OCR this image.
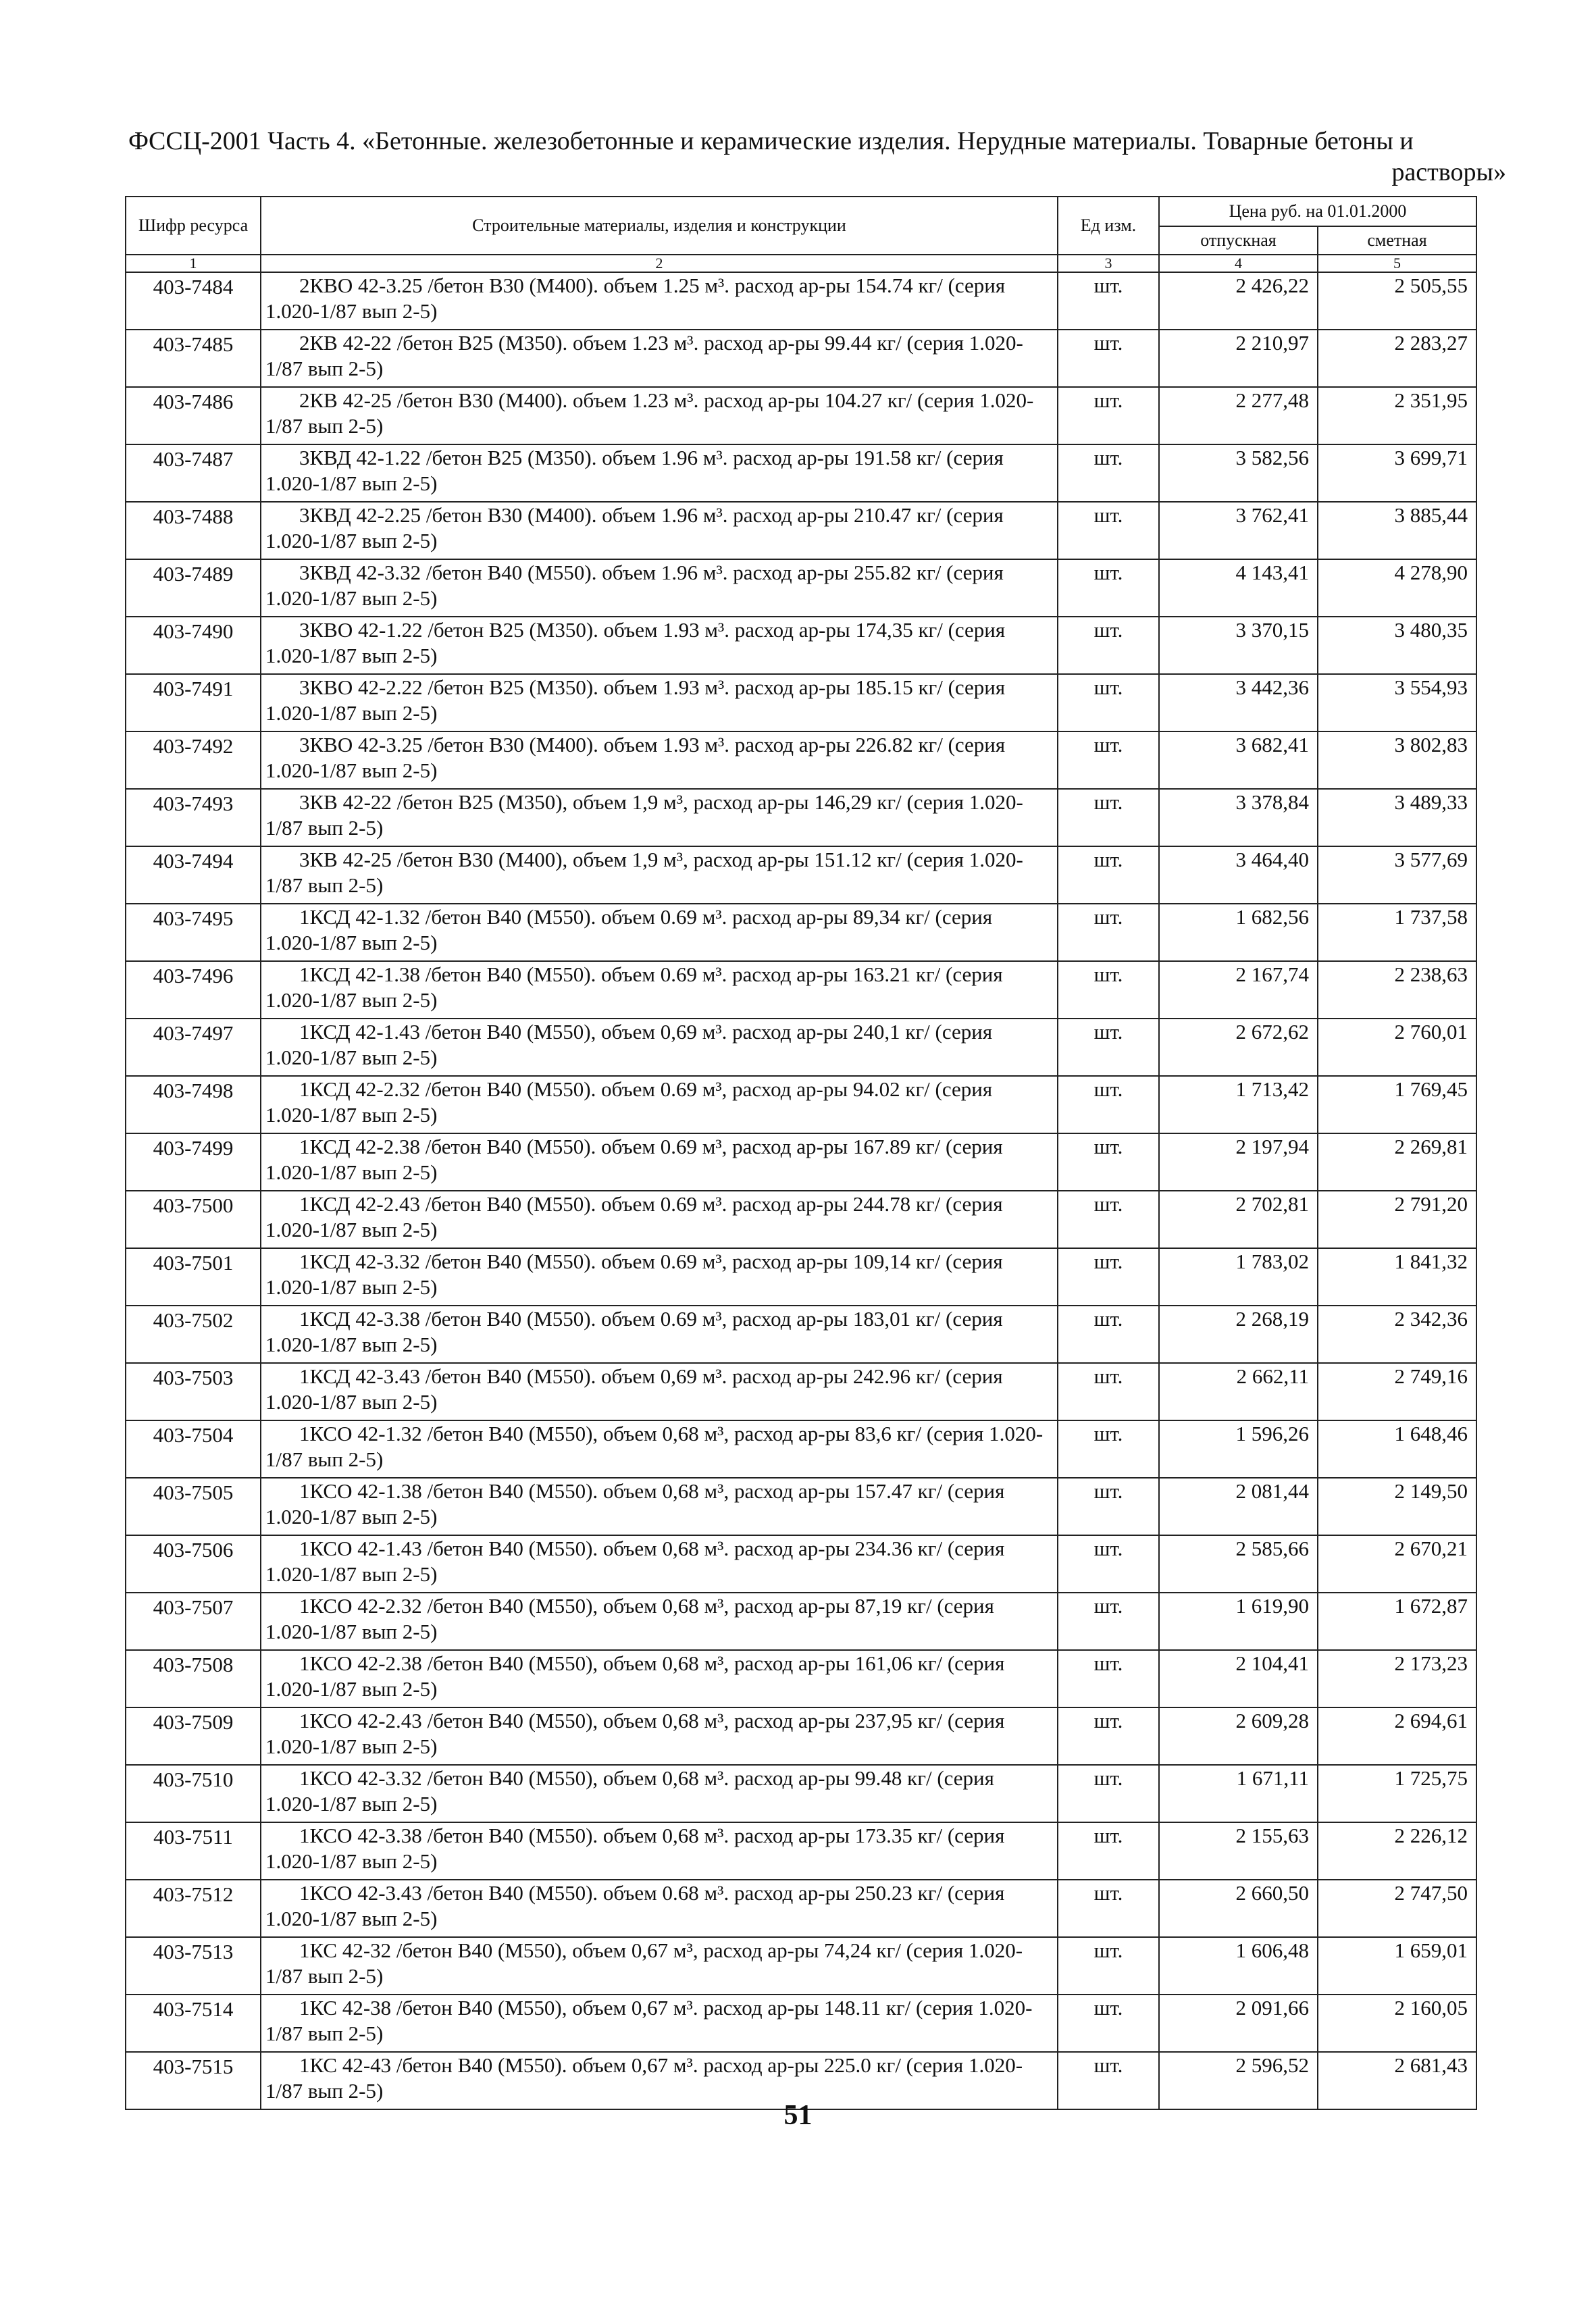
ФССЦ-2001 Часть 4. «Бетонные. железобетонные и керамические изделия. Нерудные материалы. Товарные бетоны и
растворы»
Шифр ресурса	Строительные материалы, изделия и конструкции	Ед изм.	Цена руб. на 01.01.2000	
			отпускная	сметная
1	2	3	4	5
403-7484	2КВО 42-3.25 /бетон В30 (М400). объем 1.25 м³. расход ар-ры 154.74 кг/ (серия 1.020-1/87 вып 2-5)	шт.	2 426,22	2 505,55
403-7485	2КВ 42-22 /бетон В25 (М350). объем 1.23 м³. расход ар-ры 99.44 кг/ (серия 1.020-1/87 вып 2-5)	шт.	2 210,97	2 283,27
403-7486	2КВ 42-25 /бетон В30 (М400). объем 1.23 м³. расход ар-ры 104.27 кг/ (серия 1.020-1/87 вып 2-5)	шт.	2 277,48	2 351,95
403-7487	3КВД 42-1.22 /бетон В25 (М350). объем 1.96 м³. расход ар-ры 191.58 кг/ (серия 1.020-1/87 вып 2-5)	шт.	3 582,56	3 699,71
403-7488	3КВД 42-2.25 /бетон В30 (М400). объем 1.96 м³. расход ар-ры 210.47 кг/ (серия 1.020-1/87 вып 2-5)	шт.	3 762,41	3 885,44
403-7489	3КВД 42-3.32 /бетон В40 (М550). объем 1.96 м³. расход ар-ры 255.82 кг/ (серия 1.020-1/87 вып 2-5)	шт.	4 143,41	4 278,90
403-7490	3КВО 42-1.22 /бетон В25 (М350). объем 1.93 м³. расход ар-ры 174,35 кг/ (серия 1.020-1/87 вып 2-5)	шт.	3 370,15	3 480,35
403-7491	3КВО 42-2.22 /бетон В25 (М350). объем 1.93 м³. расход ар-ры 185.15 кг/ (серия 1.020-1/87 вып 2-5)	шт.	3 442,36	3 554,93
403-7492	3КВО 42-3.25 /бетон В30 (М400). объем 1.93 м³. расход ар-ры 226.82 кг/ (серия 1.020-1/87 вып 2-5)	шт.	3 682,41	3 802,83
403-7493	3КВ 42-22 /бетон В25 (М350), объем 1,9 м³, расход ар-ры 146,29 кг/ (серия 1.020-1/87 вып 2-5)	шт.	3 378,84	3 489,33
403-7494	3КВ 42-25 /бетон В30 (М400), объем 1,9 м³, расход ар-ры 151.12 кг/ (серия 1.020-1/87 вып 2-5)	шт.	3 464,40	3 577,69
403-7495	1КСД 42-1.32 /бетон В40 (М550). объем 0.69 м³. расход ар-ры 89,34 кг/ (серия 1.020-1/87 вып 2-5)	шт.	1 682,56	1 737,58
403-7496	1КСД 42-1.38 /бетон В40 (М550). объем 0.69 м³. расход ар-ры 163.21 кг/ (серия 1.020-1/87 вып 2-5)	шт.	2 167,74	2 238,63
403-7497	1КСД 42-1.43 /бетон В40 (М550), объем 0,69 м³. расход ар-ры 240,1 кг/ (серия 1.020-1/87 вып 2-5)	шт.	2 672,62	2 760,01
403-7498	1КСД 42-2.32 /бетон В40 (М550). объем 0.69 м³, расход ар-ры 94.02 кг/ (серия 1.020-1/87 вып 2-5)	шт.	1 713,42	1 769,45
403-7499	1КСД 42-2.38 /бетон В40 (М550). объем 0.69 м³, расход ар-ры 167.89 кг/ (серия 1.020-1/87 вып 2-5)	шт.	2 197,94	2 269,81
403-7500	1КСД 42-2.43 /бетон В40 (М550). объем 0.69 м³. расход ар-ры 244.78 кг/ (серия 1.020-1/87 вып 2-5)	шт.	2 702,81	2 791,20
403-7501	1КСД 42-3.32 /бетон В40 (М550). объем 0.69 м³, расход ар-ры 109,14 кг/ (серия 1.020-1/87 вып 2-5)	шт.	1 783,02	1 841,32
403-7502	1КСД 42-3.38 /бетон В40 (М550). объем 0.69 м³, расход ар-ры 183,01 кг/ (серия 1.020-1/87 вып 2-5)	шт.	2 268,19	2 342,36
403-7503	1КСД 42-3.43 /бетон В40 (М550). объем 0,69 м³. расход ар-ры 242.96 кг/ (серия 1.020-1/87 вып 2-5)	шт.	2 662,11	2 749,16
403-7504	1КСО 42-1.32 /бетон В40 (М550), объем 0,68 м³, расход ар-ры 83,6 кг/ (серия 1.020-1/87 вып 2-5)	шт.	1 596,26	1 648,46
403-7505	1КСО 42-1.38 /бетон В40 (М550). объем 0,68 м³, расход ар-ры 157.47 кг/ (серия 1.020-1/87 вып 2-5)	шт.	2 081,44	2 149,50
403-7506	1КСО 42-1.43 /бетон В40 (М550). объем 0,68 м³. расход ар-ры 234.36 кг/ (серия 1.020-1/87 вып 2-5)	шт.	2 585,66	2 670,21
403-7507	1КСО 42-2.32 /бетон В40 (М550), объем 0,68 м³, расход ар-ры 87,19 кг/ (серия 1.020-1/87 вып 2-5)	шт.	1 619,90	1 672,87
403-7508	1КСО 42-2.38 /бетон В40 (М550), объем 0,68 м³, расход ар-ры 161,06 кг/ (серия 1.020-1/87 вып 2-5)	шт.	2 104,41	2 173,23
403-7509	1КСО 42-2.43 /бетон В40 (М550), объем 0,68 м³, расход ар-ры 237,95 кг/ (серия 1.020-1/87 вып 2-5)	шт.	2 609,28	2 694,61
403-7510	1КСО 42-3.32 /бетон В40 (М550), объем 0,68 м³. расход ар-ры 99.48 кг/ (серия 1.020-1/87 вып 2-5)	шт.	1 671,11	1 725,75
403-7511	1КСО 42-3.38 /бетон В40 (М550). объем 0,68 м³. расход ар-ры 173.35 кг/ (серия 1.020-1/87 вып 2-5)	шт.	2 155,63	2 226,12
403-7512	1КСО 42-3.43 /бетон В40 (М550). объем 0.68 м³. расход ар-ры 250.23 кг/ (серия 1.020-1/87 вып 2-5)	шт.	2 660,50	2 747,50
403-7513	1КС 42-32 /бетон В40 (М550), объем 0,67 м³, расход ар-ры 74,24 кг/ (серия 1.020-1/87 вып 2-5)	шт.	1 606,48	1 659,01
403-7514	1КС 42-38 /бетон В40 (М550), объем 0,67 м³. расход ар-ры 148.11 кг/ (серия 1.020-1/87 вып 2-5)	шт.	2 091,66	2 160,05
403-7515	1КС 42-43 /бетон В40 (М550). объем 0,67 м³. расход ар-ры 225.0 кг/ (серия 1.020-1/87 вып 2-5)	шт.	2 596,52	2 681,43
51
